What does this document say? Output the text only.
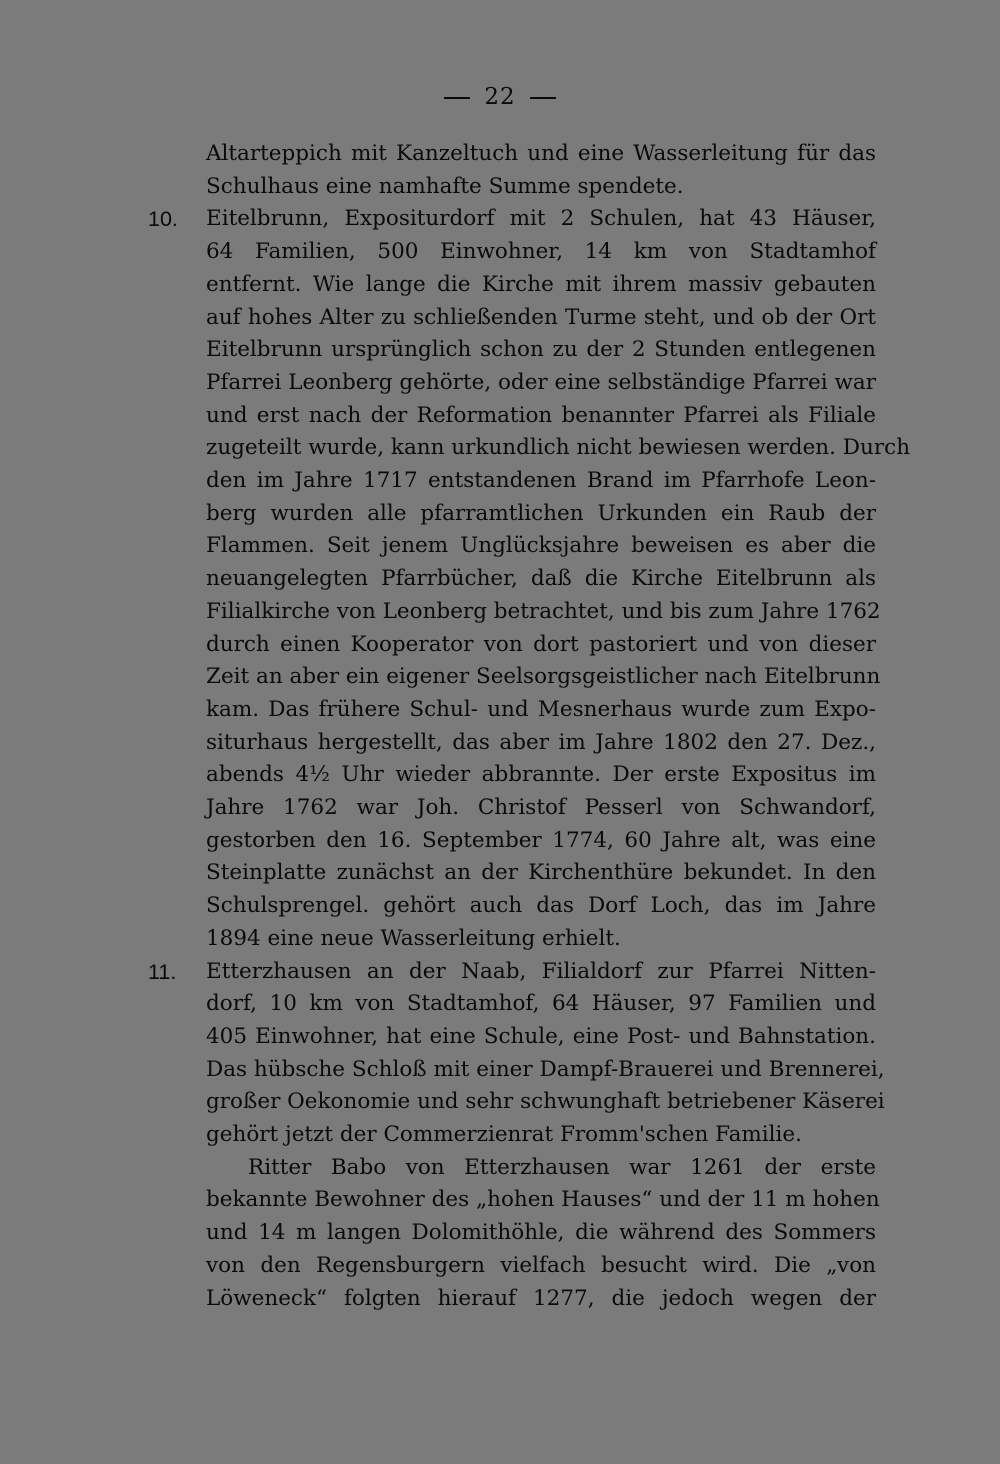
22
10.
11.
Altarteppich mit Kanzeltuch und eine Wasserleitung für das
Schulhaus eine namhafte Summe spendete.
Eitelbrunn, Expositurdorf mit 2 Schulen, hat 43 Häuser,
64 Familien, 500 Einwohner, 14 km von Stadtamhof
entfernt. Wie lange die Kirche mit ihrem massiv gebauten
auf hohes Alter zu schließenden Turme steht, und ob der Ort
Eitelbrunn ursprünglich schon zu der 2 Stunden entlegenen
Pfarrei Leonberg gehörte, oder eine selbständige Pfarrei war
und erst nach der Reformation benannter Pfarrei als Filiale
zugeteilt wurde, kann urkundlich nicht bewiesen werden. Durch
den im Jahre 1717 entstandenen Brand im Pfarrhofe Leon-
berg wurden alle pfarramtlichen Urkunden ein Raub der
Flammen. Seit jenem Unglücksjahre beweisen es aber die
neuangelegten Pfarrbücher, daß die Kirche Eitelbrunn als
Filialkirche von Leonberg betrachtet, und bis zum Jahre 1762
durch einen Kooperator von dort pastoriert und von dieser
Zeit an aber ein eigener Seelsorgsgeistlicher nach Eitelbrunn
kam. Das frühere Schul- und Mesnerhaus wurde zum Expo-
siturhaus hergestellt, das aber im Jahre 1802 den 27. Dez.,
abends 4½ Uhr wieder abbrannte. Der erste Expositus im
Jahre 1762 war Joh. Christof Pesserl von Schwandorf,
gestorben den 16. September 1774, 60 Jahre alt, was eine
Steinplatte zunächst an der Kirchenthüre bekundet. In den
Schulsprengel. gehört auch das Dorf Loch, das im Jahre
1894 eine neue Wasserleitung erhielt.
Etterzhausen an der Naab, Filialdorf zur Pfarrei Nitten-
dorf, 10 km von Stadtamhof, 64 Häuser, 97 Familien und
405 Einwohner, hat eine Schule, eine Post- und Bahnstation.
Das hübsche Schloß mit einer Dampf-Brauerei und Brennerei,
großer Oekonomie und sehr schwunghaft betriebener Käserei
gehört jetzt der Commerzienrat Fromm'schen Familie.
Ritter Babo von Etterzhausen war 1261 der erste
bekannte Bewohner des „hohen Hauses“ und der 11 m hohen
und 14 m langen Dolomithöhle, die während des Sommers
von den Regensburgern vielfach besucht wird. Die „von
Löweneck“ folgten hierauf 1277, die jedoch wegen der
